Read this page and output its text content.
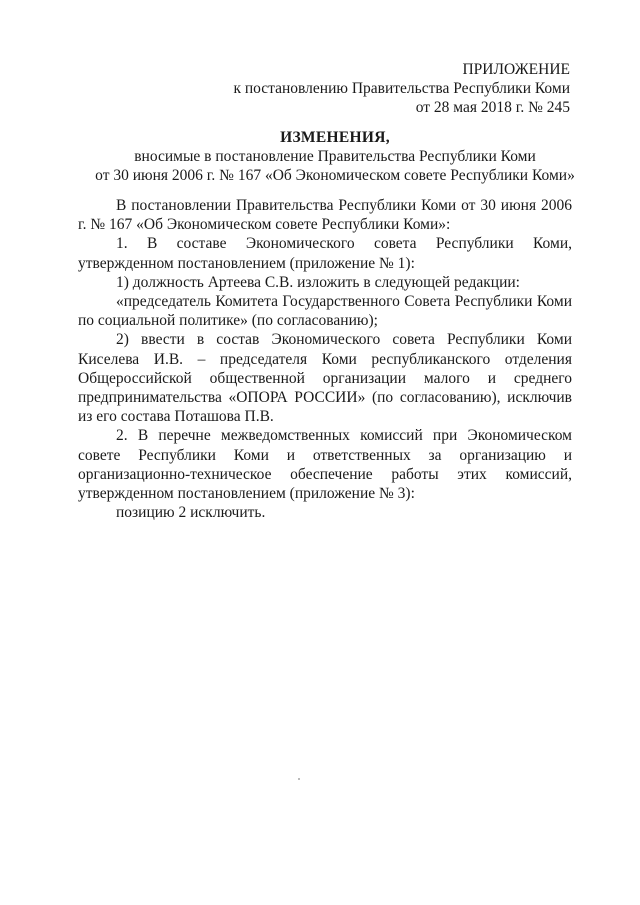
ПРИЛОЖЕНИЕ
к постановлению Правительства Республики Коми
от 28 мая 2018 г. № 245
ИЗМЕНЕНИЯ,
вносимые в постановление Правительства Республики Коми
от 30 июня 2006 г. № 167 «Об Экономическом совете Республики Коми»

В постановлении Правительства Республики Коми от 30 июня 2006 г. № 167 «Об Экономическом совете Республики Коми»:

1. В составе Экономического совета Республики Коми, утвержденном постановлением (приложение № 1):

1) должность Артеева С.В. изложить в следующей редакции:

«председатель Комитета Государственного Совета Республики Коми по социальной политике» (по согласованию);

2) ввести в состав Экономического совета Республики Коми Киселева И.В. – председателя Коми республиканского отделения Общероссийской общественной организации малого и среднего предпринимательства «ОПОРА РОССИИ» (по согласованию), исключив из его состава Поташова П.В.

2. В перечне межведомственных комиссий при Экономическом совете Республики Коми и ответственных за организацию и организационно-техническое обеспечение работы этих комиссий, утвержденном постановлением (приложение № 3):

позицию 2 исключить.
